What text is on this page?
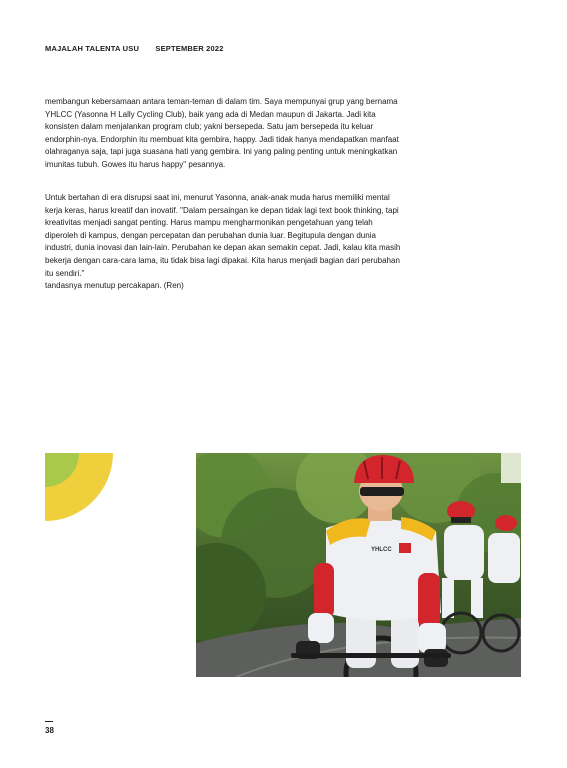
MAJALAH TALENTA USU SEPTEMBER 2022

membangun kebersamaan antara teman-teman di dalam tim. Saya mempunyai grup yang bernama YHLCC (Yasonna H Lally Cycling Club), baik yang ada di Medan maupun di Jakarta. Jadi kita konsisten dalam menjalankan program club; yakni bersepeda. Satu jam bersepeda itu keluar endorphin-nya. Endorphin itu membuat kita gembira, happy. Jadi tidak hanya mendapatkan manfaat olahraganya saja, tapi juga suasana hati yang gembira. Ini yang paling penting untuk meningkatkan imunitas tubuh. Gowes itu harus happy" pesannya.

Untuk bertahan di era disrupsi saat ini, menurut Yasonna, anak-anak muda harus memiliki mental kerja keras, harus kreatif dan inovatif. "Dalam persaingan ke depan tidak lagi text book thinking, tapi kreativitas menjadi sangat penting. Harus mampu mengharmonikan pengetahuan yang telah diperoleh di kampus, dengan percepatan dan perubahan dunia luar. Begitupula dengan dunia industri, dunia inovasi dan lain-lain. Perubahan ke depan akan semakin cepat. Jadi, kalau kita masih bekerja dengan cara-cara lama, itu tidak bisa lagi dipakai. Kita harus menjadi bagian dari perubahan itu sendiri."
tandasnya menutup percakapan. (Ren)
YHLCC
38
